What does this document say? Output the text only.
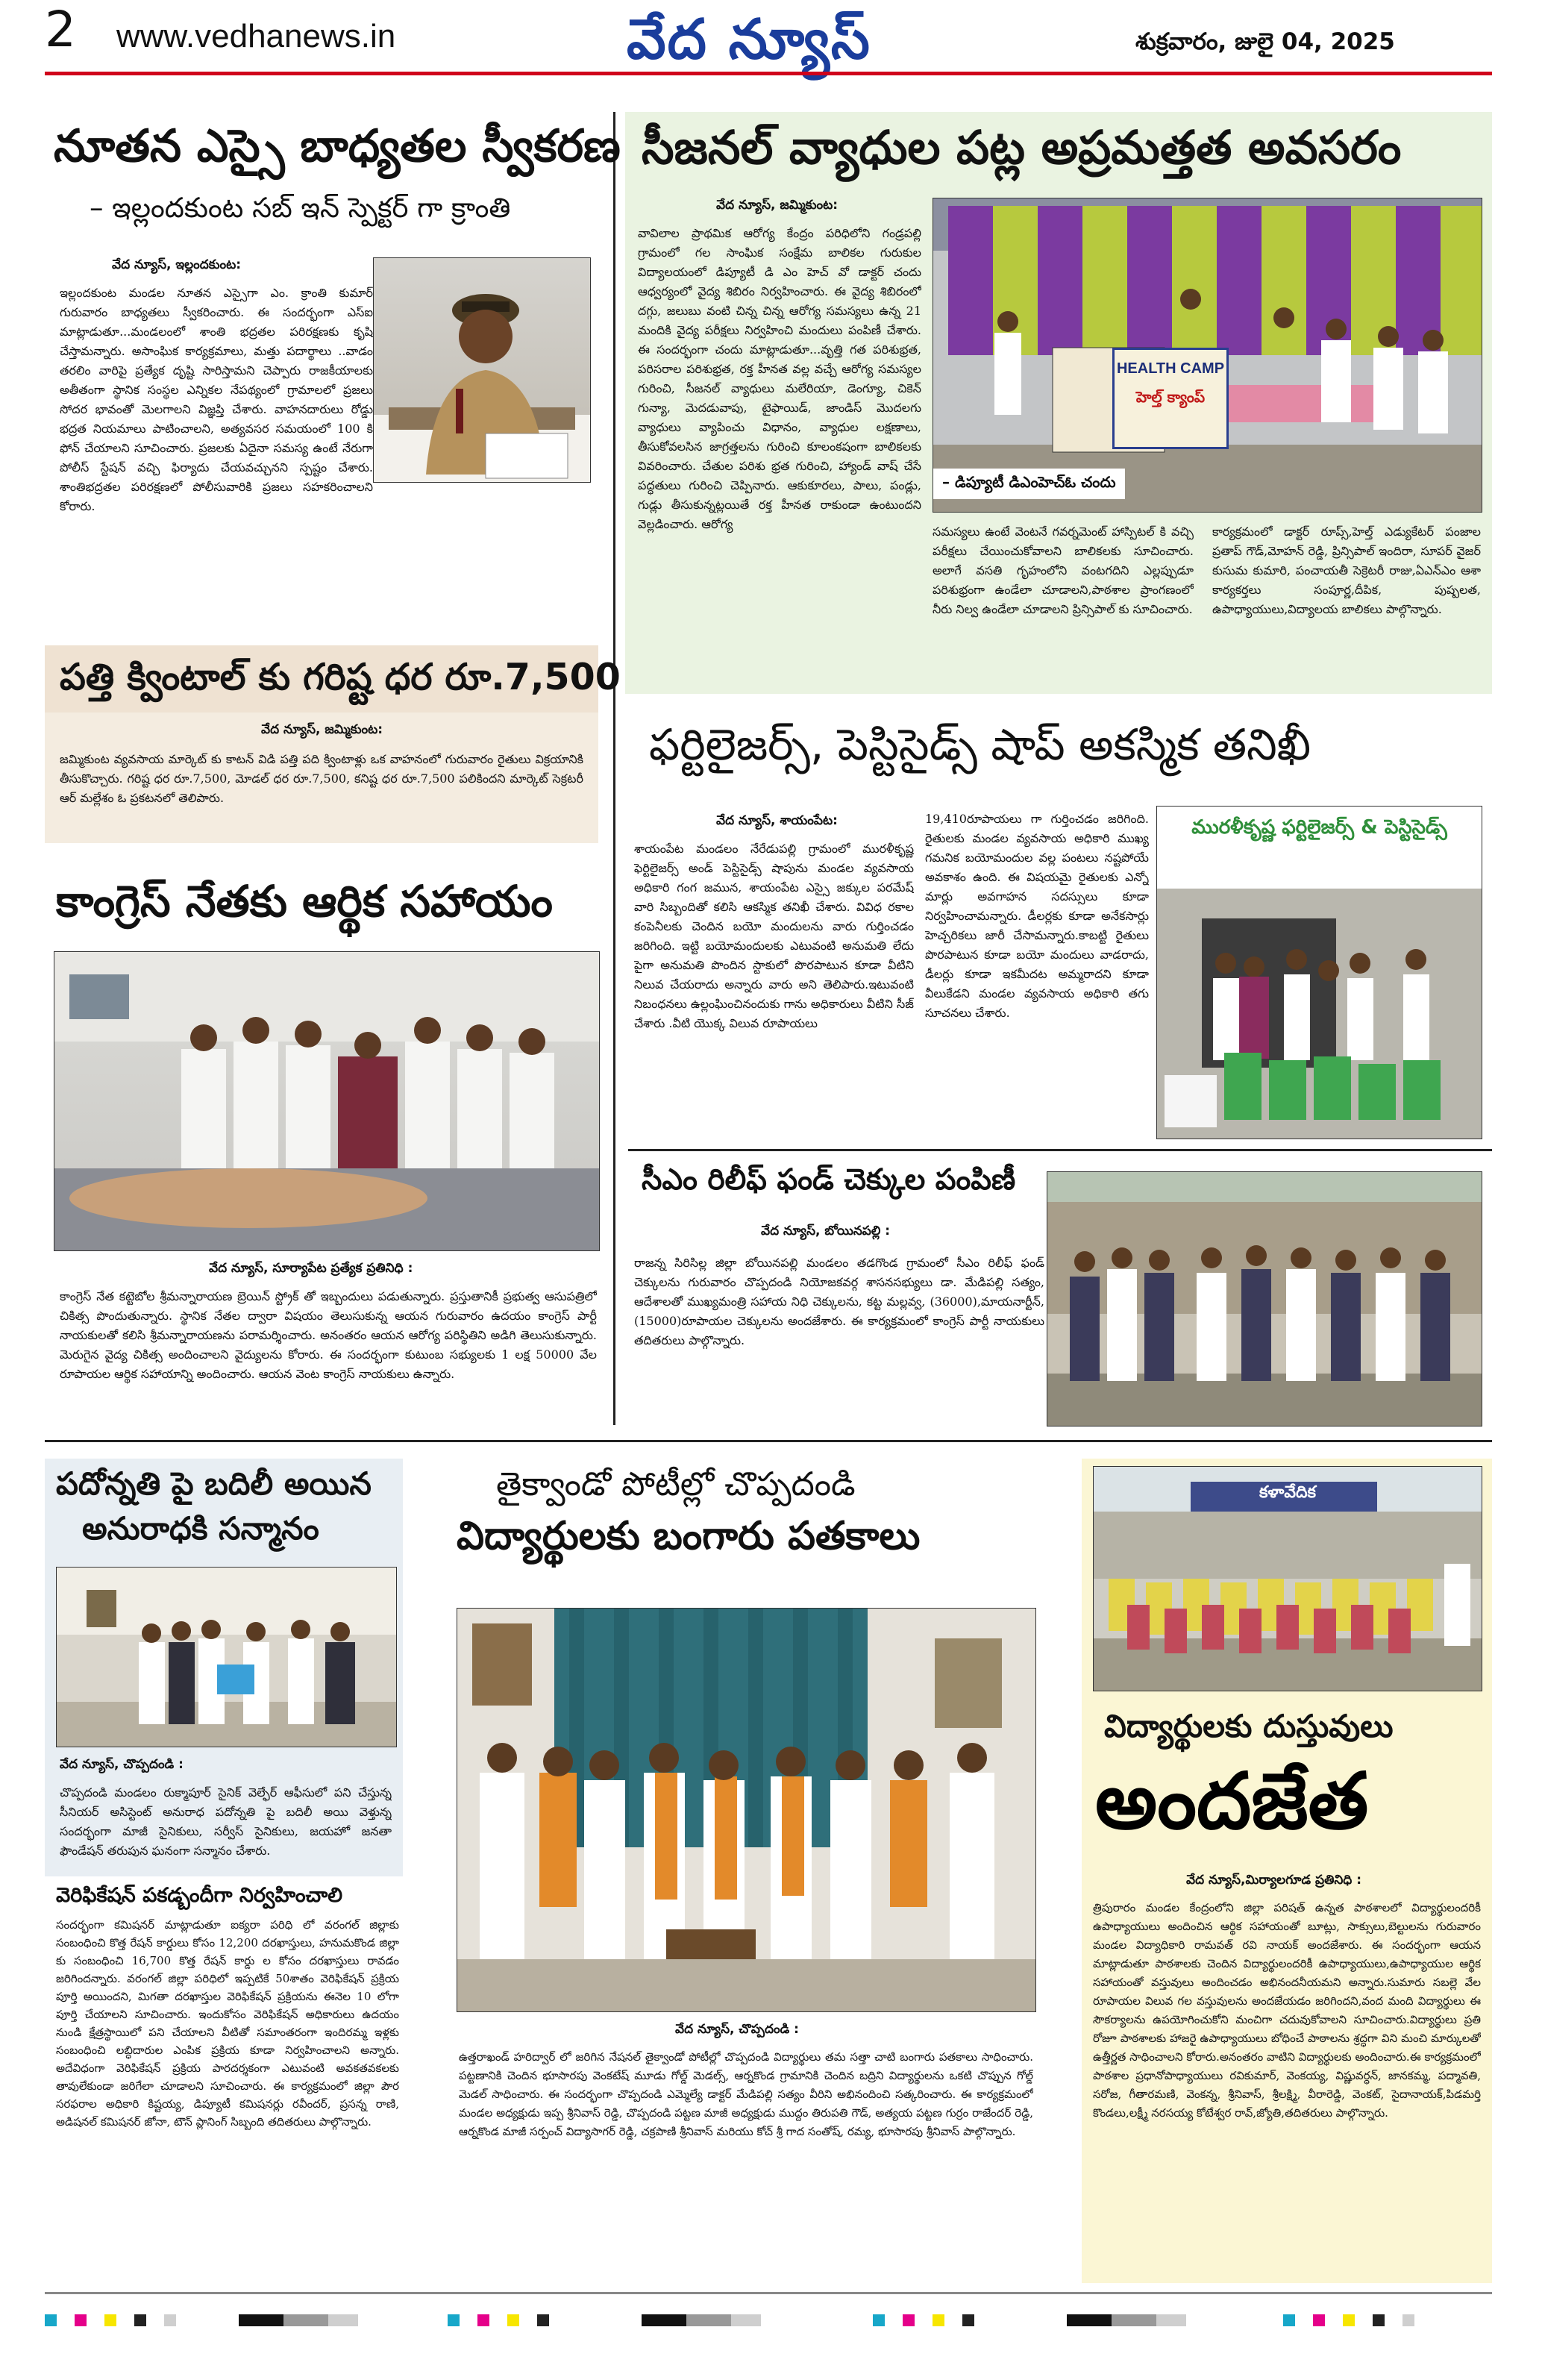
2 www.vedhanews.in	వేద న్యూస్	శుక్రవారం, జులై 04, 2025
నూతన ఎస్సై బాధ్యతల స్వీకరణ
– ఇల్లందకుంట సబ్ ఇన్ స్పెక్టర్ గా క్రాంతి
వేద న్యూస్, ఇల్లందకుంట:
ఇల్లందకుంట మండల నూతన ఎస్సైగా ఎం. క్రాంతి కుమార్ గురువారం బాధ్యతలు స్వీకరించారు. ఈ సందర్భంగా ఎస్ఐ మాట్లాడుతూ...మండలంలో శాంతి భద్రతల పరిరక్షణకు కృషి చేస్తామన్నారు. అసాంఘిక కార్యక్రమాలు, మత్తు పదార్థాలు ..వాడం తరలిం వారిపై ప్రత్యేక దృష్టి సారిస్తామని చెప్పారు రాజకీయాలకు అతీతంగా స్థానిక సంస్థల ఎన్నికల నేపథ్యంలో గ్రామాలలో ప్రజలు సోదర భావంతో మెలగాలని విజ్ఞప్తి చేశారు. వాహనదారులు రోడ్డు భద్రత నియమాలు పాటించాలని, అత్యవసర సమయంలో 100 కి ఫోన్ చేయాలని సూచించారు. ప్రజలకు ఏదైనా సమస్య ఉంటే నేరుగా పోలీస్ స్టేషన్ వచ్చి ఫిర్యాదు చేయవచ్చునని స్పష్టం చేశారు. శాంతిభద్రతల పరిరక్షణలో పోలీసువారికి ప్రజలు సహకరించాలని కోరారు.
పత్తి క్వింటాల్ కు గరిష్ట ధర రూ.7,500
వేద న్యూస్, జమ్మికుంట:
జమ్మికుంట వ్యవసాయ మార్కెట్ కు కాటన్ విడి పత్తి పది క్వింటాళ్లు ఒక వాహనంలో గురువారం రైతులు విక్రయానికి తీసుకొచ్చారు. గరిష్ట ధర రూ.7,500, మోడల్ ధర రూ.7,500, కనిష్ట ధర రూ.7,500 పలికిందని మార్కెట్ సెక్రటరీ ఆర్ మల్లేశం ఓ ప్రకటనలో తెలిపారు.
కాంగ్రెస్ నేతకు ఆర్థిక సహాయం
వేద న్యూస్, సూర్యాపేట ప్రత్యేక ప్రతినిధి :
కాంగ్రెస్ నేత కట్టెబోల శ్రీమన్నారాయణ బ్రెయిన్ స్ట్రోక్ తో ఇబ్బందులు పడుతున్నారు. ప్రస్తుతానికీ ప్రభుత్వ ఆసుపత్రిలో చికిత్స పొందుతున్నారు. స్థానిక నేతల ద్వారా విషయం తెలుసుకున్న ఆయన గురువారం ఉదయం కాంగ్రెస్ పార్టీ నాయకులతో కలిసి శ్రీమన్నారాయణను పరామర్శించారు. అనంతరం ఆయన ఆరోగ్య పరిస్థితిని అడిగి తెలుసుకున్నారు. మెరుగైన వైద్య చికిత్స అందించాలని వైద్యులను కోరారు. ఈ సందర్భంగా కుటుంబ సభ్యులకు 1 లక్ష 50000 వేల రూపాయల ఆర్థిక సహాయాన్ని అందించారు. ఆయన వెంట కాంగ్రెస్ నాయకులు ఉన్నారు.
సీజనల్ వ్యాధుల పట్ల అప్రమత్తత అవసరం
వేద న్యూస్, జమ్మికుంట:
వావిలాల ప్రాథమిక ఆరోగ్య కేంద్రం పరిధిలోని గండ్రపల్లి గ్రామంలో గల సాంఘిక సంక్షేమ బాలికల గురుకుల విద్యాలయంలో డిప్యూటీ డి ఎం హెచ్ వో డాక్టర్ చందు ఆధ్వర్యంలో వైద్య శిబిరం నిర్వహించారు. ఈ వైద్య శిబిరంలో దగ్గు, జలుబు వంటి చిన్న చిన్న ఆరోగ్య సమస్యలు ఉన్న 21 మందికి వైద్య పరీక్షలు నిర్వహించి మందులు పంపిణీ చేశారు. ఈ సందర్భంగా చందు మాట్లాడుతూ...వృత్తి గత పరిశుభ్రత, పరిసరాల పరిశుభ్రత, రక్త హీనత వల్ల వచ్చే ఆరోగ్య సమస్యల గురించి, సీజనల్ వ్యాధులు మలేరియా, డెంగ్యూ, చికెన్ గున్యా, మెదడువాపు, టైఫాయిడ్, జాండిస్ మొదలగు వ్యాధులు వ్యాపించు విధానం, వ్యాధుల లక్షణాలు, తీసుకోవలసిన జాగ్రత్తలను గురించి కూలంకషంగా బాలికలకు వివరించారు. చేతుల పరిశు భ్రత గురించి, హ్యాండ్ వాష్ చేసే పద్ధతులు గురించి చెప్పినారు. ఆకుకూరలు, పాలు, పండ్లు, గుడ్లు తీసుకున్నట్లయితే రక్త హీనత రాకుండా ఉంటుందని వెల్లడించారు. ఆరోగ్య
HEALTH CAMP
హెల్త్ క్యాంప్
– డిప్యూటీ డిఎంహెచ్ఓ చందు
సమస్యలు ఉంటే వెంటనే గవర్నమెంట్ హాస్పిటల్ కి వచ్చి పరీక్షలు చేయించుకోవాలని బాలికలకు సూచించారు. అలాగే వసతి గృహంలోని వంటగదిని ఎల్లప్పుడూ పరిశుభ్రంగా ఉండేలా చూడాలని,పాఠశాల ప్రాంగణంలో నీరు నిల్వ ఉండేలా చూడాలని ప్రిన్సిపాల్ కు సూచించారు.
కార్యక్రమంలో డాక్టర్ రూప్స్,హెల్త్ ఎడ్యుకేటర్ పంజాల ప్రతాప్ గౌడ్,మోహన్ రెడ్డి, ప్రిన్సిపాల్ ఇందిరా, సూపర్ వైజర్ కుసుమ కుమారి, పంచాయతీ సెక్రెటరీ రాజు,ఏఎన్ఎం ఆశా కార్యకర్తలు సంపూర్ణ,దీపిక, పుష్పలత, ఉపాధ్యాయులు,విద్యాలయ బాలికలు పాల్గొన్నారు.
ఫర్టిలైజర్స్, పెస్టిసైడ్స్ షాప్ అకస్మిక తనిఖీ
వేద న్యూస్, శాయంపేట:
శాయంపేట మండలం నేరేడుపల్లి గ్రామంలో మురళీకృష్ణ ఫెర్టిలైజర్స్ అండ్ పెస్టిసైడ్స్ షాపును మండల వ్యవసాయ అధికారి గంగ జమున, శాయంపేట ఎస్సై జక్కుల పరమేష్ వారి సిబ్బందితో కలిసి ఆకస్మిక తనిఖీ చేశారు. వివిధ రకాల కంపెనీలకు చెందిన బయో మందులను వారు గుర్తించడం జరిగింది. ఇట్టి బయోమందులకు ఎటువంటి అనుమతి లేదు పైగా అనుమతి పొందిన స్టాకులో పొరపాటున కూడా వీటిని నిలువ చేయరాదు అన్నారు వారు అని తెలిపారు.ఇటువంటి నిబంధనలు ఉల్లంఘించినందుకు గాను అధికారులు వీటిని సీజ్ చేశారు .వీటి యొక్క విలువ రూపాయలు
19,410రూపాయలు గా గుర్తించడం జరిగింది. రైతులకు మండల వ్యవసాయ అధికారి ముఖ్య గమనిక బయోమందుల వల్ల పంటలు నష్టపోయే అవకాశం ఉంది. ఈ విషయమై రైతులకు ఎన్నో మార్లు అవగాహన సదస్సులు కూడా నిర్వహించామన్నారు. డీలర్లకు కూడా అనేకసార్లు హెచ్చరికలు జారీ చేసామన్నారు.కాబట్టి రైతులు పొరపాటున కూడా బయో మందులు వాడరాదు, డీలర్లు కూడా ఇకమీదట అమ్మరాదని కూడా వీలుకేడని మండల వ్యవసాయ అధికారి తగు సూచనలు చేశారు.
మురళీకృష్ణ ఫర్టిలైజర్స్ & పెస్టిసైడ్స్
సీఎం రిలీఫ్ ఫండ్ చెక్కుల పంపిణీ
వేద న్యూస్, బోయినపల్లి :
రాజన్న సిరిసిల్ల జిల్లా బోయినపల్లి మండలం తడగొండ గ్రామంలో సీఎం రిలీఫ్ ఫండ్ చెక్కులను గురువారం చొప్పదండి నియోజకవర్గ శాసనసభ్యులు డా. మేడిపల్లి సత్యం, ఆదేశాలతో ముఖ్యమంత్రి సహాయ నిధి చెక్కులను, కట్ట మల్లవ్వ, (36000),మాయనార్టీన్, (15000)రూపాయల చెక్కులను అందజేశారు. ఈ కార్యక్రమంలో కాంగ్రెస్ పార్టీ నాయకులు తదితరులు పాల్గొన్నారు.
పదోన్నతి పై బదిలీ అయిన
అనురాధకి సన్మానం
వేద న్యూస్, చొప్పదండి :
చొప్పదండి మండలం రుక్మాపూర్ సైనిక్ వెల్ఫేర్ ఆఫీసులో పని చేస్తున్న సీనియర్ అసిస్టెంట్ అనురాధ పదోన్నతి పై బదిలీ అయి వెళ్తున్న సందర్భంగా మాజీ సైనికులు, సర్వీస్ సైనికులు, జయహో జనతా ఫౌండేషన్ తరుపున ఘనంగా సన్మానం చేశారు.
వెరిఫికేషన్ పకడ్బందీగా నిర్వహించాలి
సందర్భంగా కమిషనర్ మాట్లాడుతూ ఐక్యరా పరిధి లో వరంగల్ జిల్లాకు సంబంధించి కొత్త రేషన్ కార్డులు కోసం 12,200 దరఖాస్తులు, హనుమకొండ జిల్లా కు సంబంధించి 16,700 కొత్త రేషన్ కార్డు ల కోసం దరఖాస్తులు రావడం జరిగిందన్నారు. వరంగల్ జిల్లా పరిధిలో ఇప్పటికే 50శాతం వెరిఫికేషన్ ప్రక్రియ పూర్తి అయిందని, మిగతా దరఖాస్తుల వెరిఫికేషన్ ప్రక్రియను ఈనెల 10 లోగా పూర్తి చేయాలని సూచించారు. ఇందుకోసం వెరిఫికేషన్ అధికారులు ఉదయం నుండి క్షేత్రస్థాయిలో పని చేయాలని వీటితో సమాంతరంగా ఇందిరమ్మ ఇళ్లకు సంబంధించి లబ్ధిదారుల ఎంపిక ప్రక్రియ కూడా నిర్వహించాలని అన్నారు. అదేవిధంగా వెరిఫికేషన్ ప్రక్రియ పారదర్శకంగా ఎటువంటి అవకతవకలకు తావులేకుండా జరిగేలా చూడాలని సూచించారు. ఈ కార్యక్రమంలో జిల్లా పౌర సరఫరాల అధికారి కిష్టయ్య, డిప్యూటీ కమిషనర్లు రవీందర్, ప్రసన్న రాణి, అడిషనల్ కమిషనర్ జోనా, టౌన్ ప్లానింగ్ సిబ్బంది తదితరులు పాల్గొన్నారు.
తైక్వాండో పోటీల్లో చొప్పదండి
విద్యార్థులకు బంగారు పతకాలు
వేద న్యూస్, చొప్పదండి :
ఉత్తరాఖండ్ హరిద్వార్ లో జరిగిన నేషనల్ తైక్వాండో పోటీల్లో చొప్పదండి విద్యార్థులు తమ సత్తా చాటి బంగారు పతకాలు సాధించారు. పట్టణానికి చెందిన భూసారపు వెంకటేష్ మూడు గోల్డ్ మెడల్స్, ఆర్నకొండ గ్రామానికి చెందిన బద్రిని విద్యార్థులను ఒకటి చొప్పున గోల్డ్ మెడల్ సాధించారు. ఈ సందర్భంగా చొప్పదండి ఎమ్మెల్యే డాక్టర్ మేడిపల్లి సత్యం వీరిని అభినందించి సత్కరించారు. ఈ కార్యక్రమంలో మండల అధ్యక్షుడు ఇప్ప శ్రీనివాస్ రెడ్డి, చొప్పదండి పట్టణ మాజీ అధ్యక్షుడు ముద్దం తిరుపతి గౌడ్, అత్యయ పట్టణ గుర్రం రాజేందర్ రెడ్డి, ఆర్నకొండ మాజీ సర్పంచ్ విద్యాసాగర్ రెడ్డి, చక్రపాణి శ్రీనివాస్ మరియు కోచ్ శ్రీ గాద సంతోష్, రమ్య, భూసారపు శ్రీనివాస్ పాల్గొన్నారు.
కళావేదిక
విద్యార్థులకు దుస్తువులు
అందజేత
వేద న్యూస్,మిర్యాలగూడ ప్రతినిధి :
త్రిపురారం మండల కేంద్రంలోని జిల్లా పరిషత్ ఉన్నత పాఠశాలలో విద్యార్థులందరికీ ఉపాధ్యాయులు అందించిన ఆర్థిక సహాయంతో బూట్లు, సాక్సులు,బెల్టులను గురువారం మండల విద్యాధికారి రామవత్ రవి నాయక్ అందజేశారు. ఈ సందర్భంగా ఆయన మాట్లాడుతూ పాఠశాలకు చెందిన విద్యార్థులందరికీ ఉపాధ్యాయులు,ఉపాధ్యాయుల ఆర్థిక సహాయంతో వస్తువులు అందించడం అభినందనీయమని అన్నారు.సుమారు సబల్లె వేల రూపాయల విలువ గల వస్తువులను అందజేయడం జరిగిందని,వంద మంది విద్యార్థులు ఈ సౌకర్యాలను ఉపయోగించుకోని మంచిగా చదువుకోవాలని సూచించారు.విద్యార్థులు ప్రతి రోజూ పాఠశాలకు హాజరై ఉపాధ్యాయులు బోధించే పాఠాలను శ్రద్ధగా విని మంచి మార్కులతో ఉత్తీర్ణత సాధించాలని కోరారు.అనంతరం వాటిని విద్యార్థులకు అందించారు.ఈ కార్యక్రమంలో పాఠశాల ప్రధానోపాధ్యాయులు రవికుమార్, వెంకయ్య, విష్ణువర్ధన్, జానకమ్మ, పద్మావతి, సరోజ, గీతారమణి, వెంకన్న, శ్రీనివాస్, శ్రీలక్ష్మి, వీరారెడ్డి, వెంకట్, సైదానాయక్,పిడమర్తి కొండలు,లక్ష్మీ నరసయ్య కోటేశ్వర రావ్,జ్యోతి,తదితరులు పాల్గొన్నారు.
